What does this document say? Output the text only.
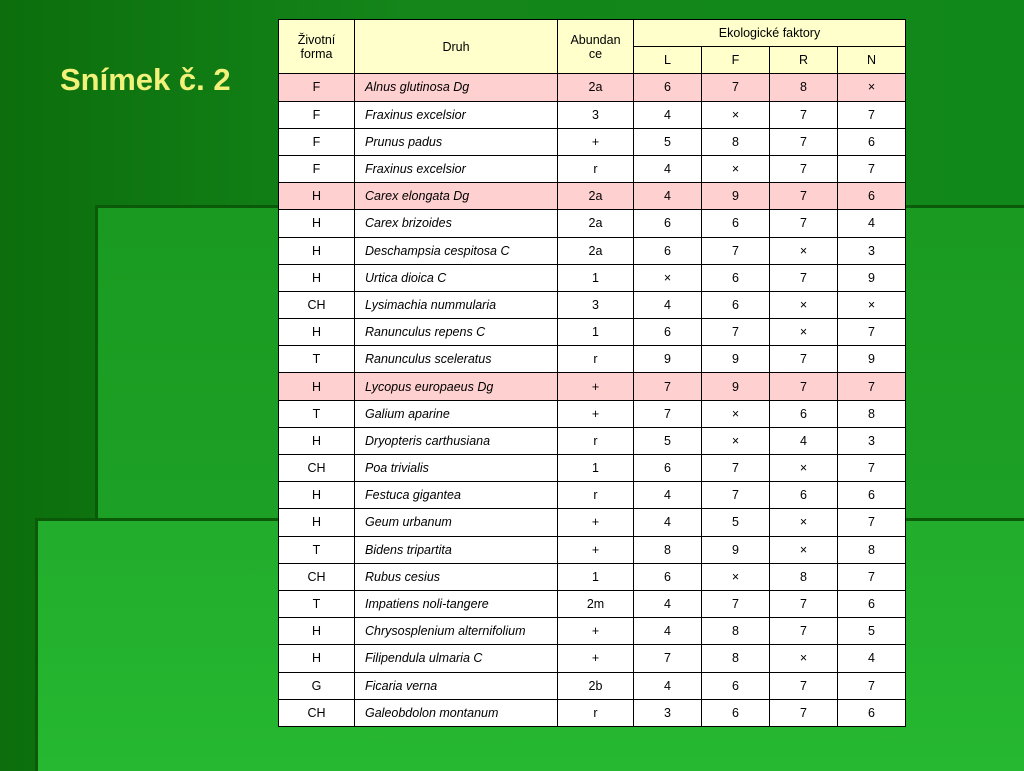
Snímek č. 2
Životní forma	Druh	Abundance	Ekologické faktory			
			L	F	R	N
F	Alnus glutinosa Dg	2a	6	7	8	×
F	Fraxinus excelsior	3	4	×	7	7
F	Prunus padus	+	5	8	7	6
F	Fraxinus excelsior	r	4	×	7	7
H	Carex elongata Dg	2a	4	9	7	6
H	Carex brizoides	2a	6	6	7	4
H	Deschampsia cespitosa C	2a	6	7	×	3
H	Urtica dioica C	1	×	6	7	9
CH	Lysimachia nummularia	3	4	6	×	×
H	Ranunculus repens C	1	6	7	×	7
T	Ranunculus sceleratus	r	9	9	7	9
H	Lycopus europaeus Dg	+	7	9	7	7
T	Galium aparine	+	7	×	6	8
H	Dryopteris carthusiana	r	5	×	4	3
CH	Poa trivialis	1	6	7	×	7
H	Festuca gigantea	r	4	7	6	6
H	Geum urbanum	+	4	5	×	7
T	Bidens tripartita	+	8	9	×	8
CH	Rubus cesius	1	6	×	8	7
T	Impatiens noli-tangere	2m	4	7	7	6
H	Chrysosplenium alternifolium	+	4	8	7	5
H	Filipendula ulmaria C	+	7	8	×	4
G	Ficaria verna	2b	4	6	7	7
CH	Galeobdolon montanum	r	3	6	7	6
